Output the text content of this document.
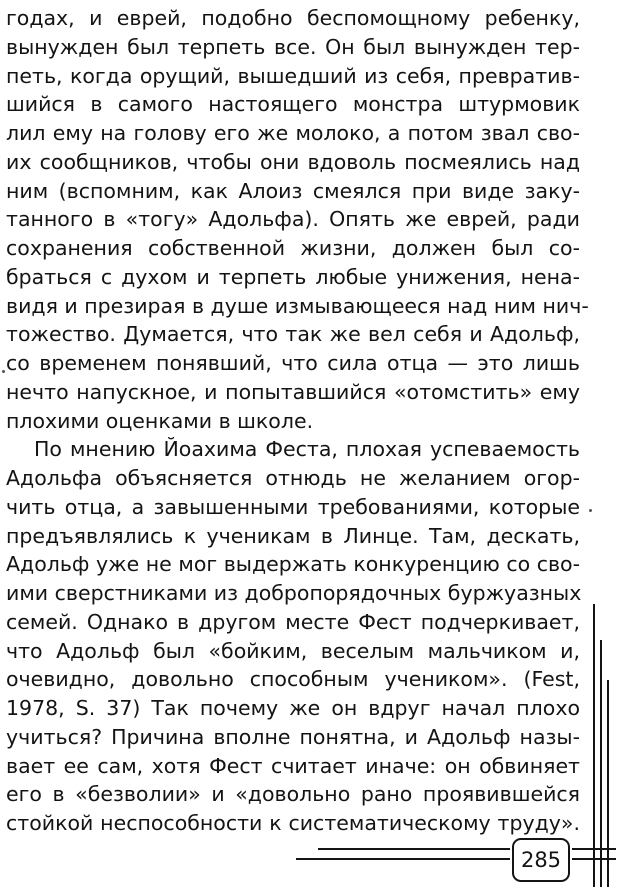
годах, и еврей, подобно беспомощному ребенку,
вынужден был терпеть все. Он был вынужден тер-
петь, когда орущий, вышедший из себя, превратив-
шийся в самого настоящего монстра штурмовик
лил ему на голову его же молоко, а потом звал сво-
их сообщников, чтобы они вдоволь посмеялись над
ним (вспомним, как Алоиз смеялся при виде заку-
танного в «тогу» Адольфа). Опять же еврей, ради
сохранения собственной жизни, должен был со-
браться с духом и терпеть любые унижения, нена-
видя и презирая в душе измывающееся над ним нич-
тожество. Думается, что так же вел себя и Адольф,
со временем понявший, что сила отца — это лишь
нечто напускное, и попытавшийся «отомстить» ему
плохими оценками в школе.
По мнению Йоахима Феста, плохая успеваемость
Адольфа объясняется отнюдь не желанием огор-
чить отца, а завышенными требованиями, которые
предъявлялись к ученикам в Линце. Там, дескать,
Адольф уже не мог выдержать конкуренцию со сво-
ими сверстниками из добропорядочных буржуазных
семей. Однако в другом месте Фест подчеркивает,
что Адольф был «бойким, веселым мальчиком и,
очевидно, довольно способным учеником». (Fest,
1978, S. 37) Так почему же он вдруг начал плохо
учиться? Причина вполне понятна, и Адольф назы-
вает ее сам, хотя Фест считает иначе: он обвиняет
его в «безволии» и «довольно рано проявившейся
стойкой неспособности к систематическому труду».
285
